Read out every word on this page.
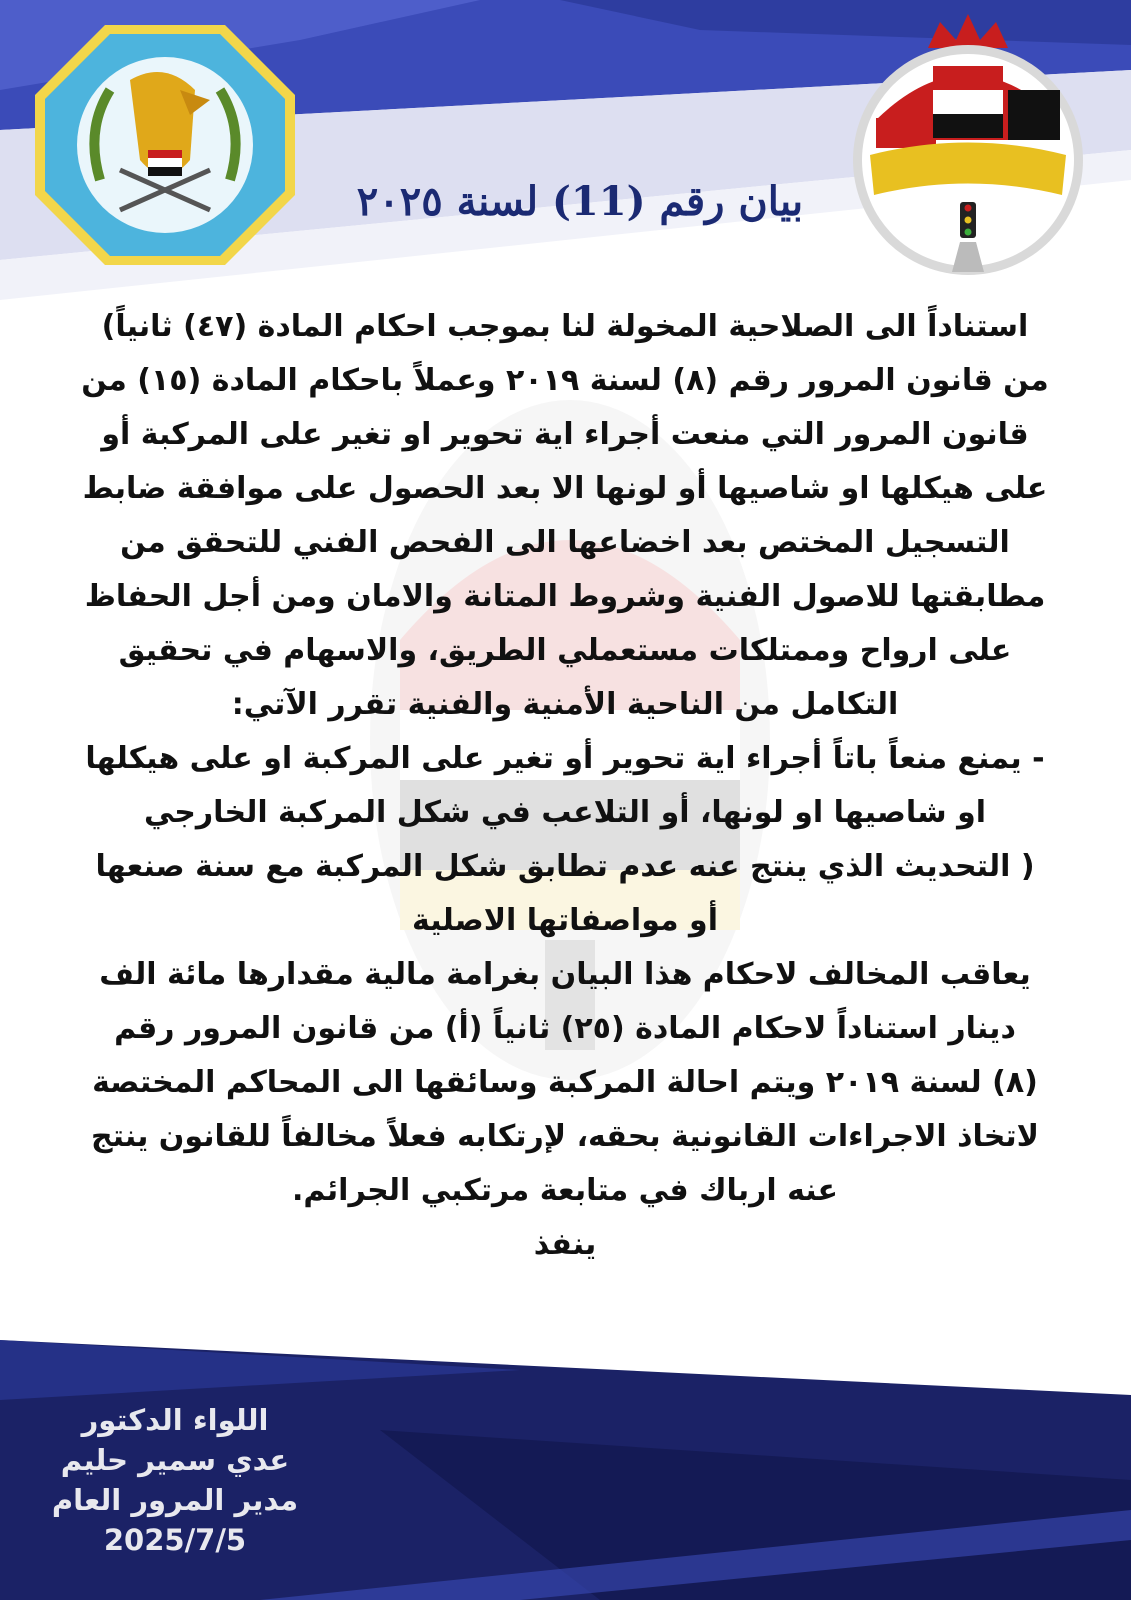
بيان رقم (11) لسنة ٢٠٢٥
استناداً الى الصلاحية المخولة لنا بموجب احكام المادة (٤٧) ثانياً)
من قانون المرور رقم (٨) لسنة ٢٠١٩ وعملاً باحكام المادة (١٥) من
قانون المرور التي منعت أجراء اية تحوير او تغير على المركبة أو
على هيكلها او شاصيها أو لونها الا بعد الحصول على موافقة ضابط
التسجيل المختص بعد اخضاعها الى الفحص الفني للتحقق من
مطابقتها للاصول الفنية وشروط المتانة والامان ومن أجل الحفاظ
على ارواح وممتلكات مستعملي الطريق، والاسهام في تحقيق
التكامل من الناحية الأمنية والفنية تقرر الآتي:
- يمنع منعاً باتاً أجراء اية تحوير أو تغير على المركبة او على هيكلها
او شاصيها او لونها، أو التلاعب في شكل المركبة الخارجي
( التحديث الذي ينتج عنه عدم تطابق شكل المركبة مع سنة صنعها
أو مواصفاتها الاصلية
يعاقب المخالف لاحكام هذا البيان بغرامة مالية مقدارها مائة الف
دينار استناداً لاحكام المادة (٢٥) ثانياً (أ) من قانون المرور رقم
(٨) لسنة ٢٠١٩ ويتم احالة المركبة وسائقها الى المحاكم المختصة
لاتخاذ الاجراءات القانونية بحقه، لإرتكابه فعلاً مخالفاً للقانون ينتج
عنه ارباك في متابعة مرتكبي الجرائم.
ينفذ
اللواء الدكتور
عدي سمير حليم
مدير المرور العام
2025/7/5
